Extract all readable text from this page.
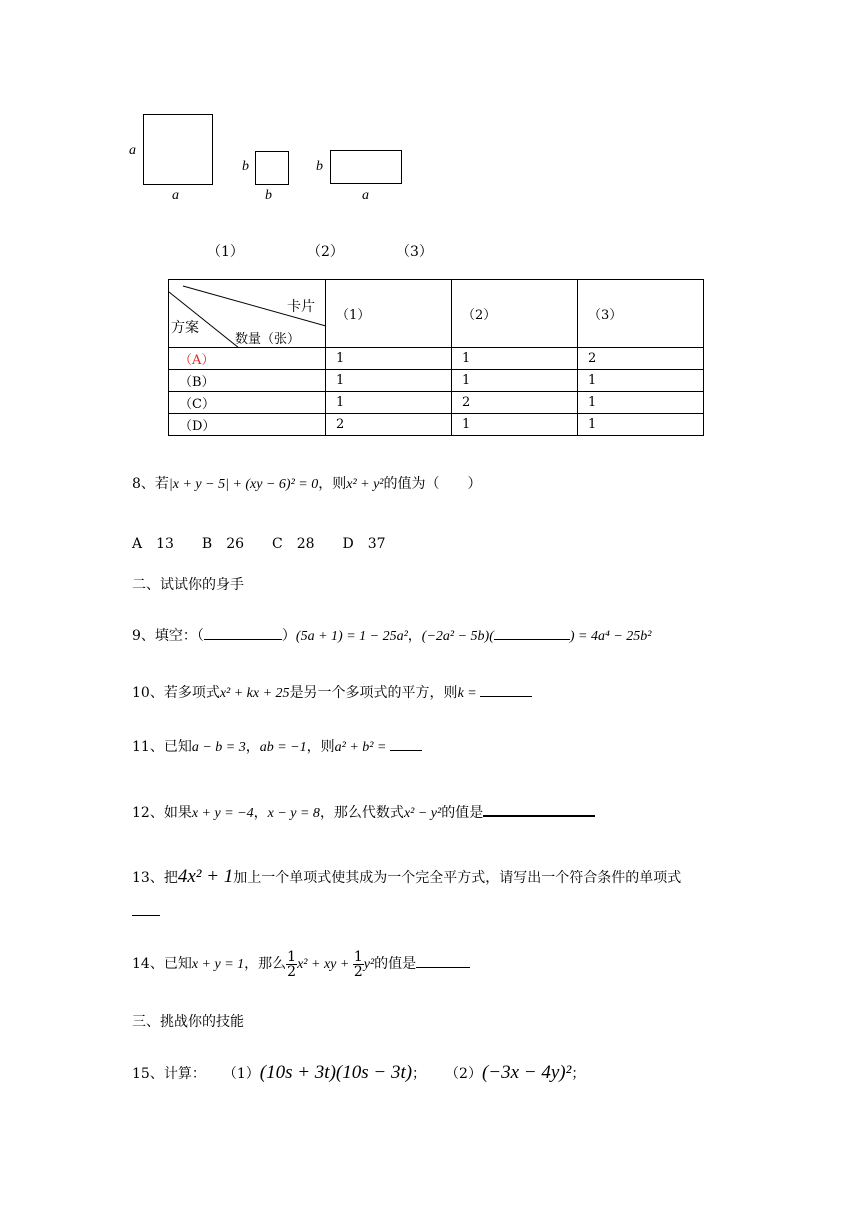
a
a
（1）
b
b
（2）
b
a
（3）
卡片
方案
数量（张）	（1）	（2）	（3）
（A）	1	1	2
（B）	1	1	1
（C）	1	2	1
（D）	2	1	1
8、若|x + y − 5| + (xy − 6)² = 0，则x² + y²的值为（　　）
A　13　　B　26　　C　28　　D　37
二、试试你的身手
9、填空：（	）(5a + 1) = 1 − 25a²，(−2a² − 5b)(	) = 4a⁴ − 25b²
10、若多项式x² + kx + 25是另一个多项式的平方，则k =
11、已知a − b = 3，ab = −1，则a² + b² =
12、如果x + y = −4，x − y = 8，那么代数式x² − y²的值是
13、把4x² + 1加上一个单项式使其成为一个完全平方式，请写出一个符合条件的单项式
14、已知x + y = 1，那么 $\frac{1}{2} x^2$ + xy + $\frac{1}{2} y^2$的值是
三、挑战你的技能
15、计算： （1）(10s + 3t)(10s − 3t)； （2）(−3x − 4y)²；
